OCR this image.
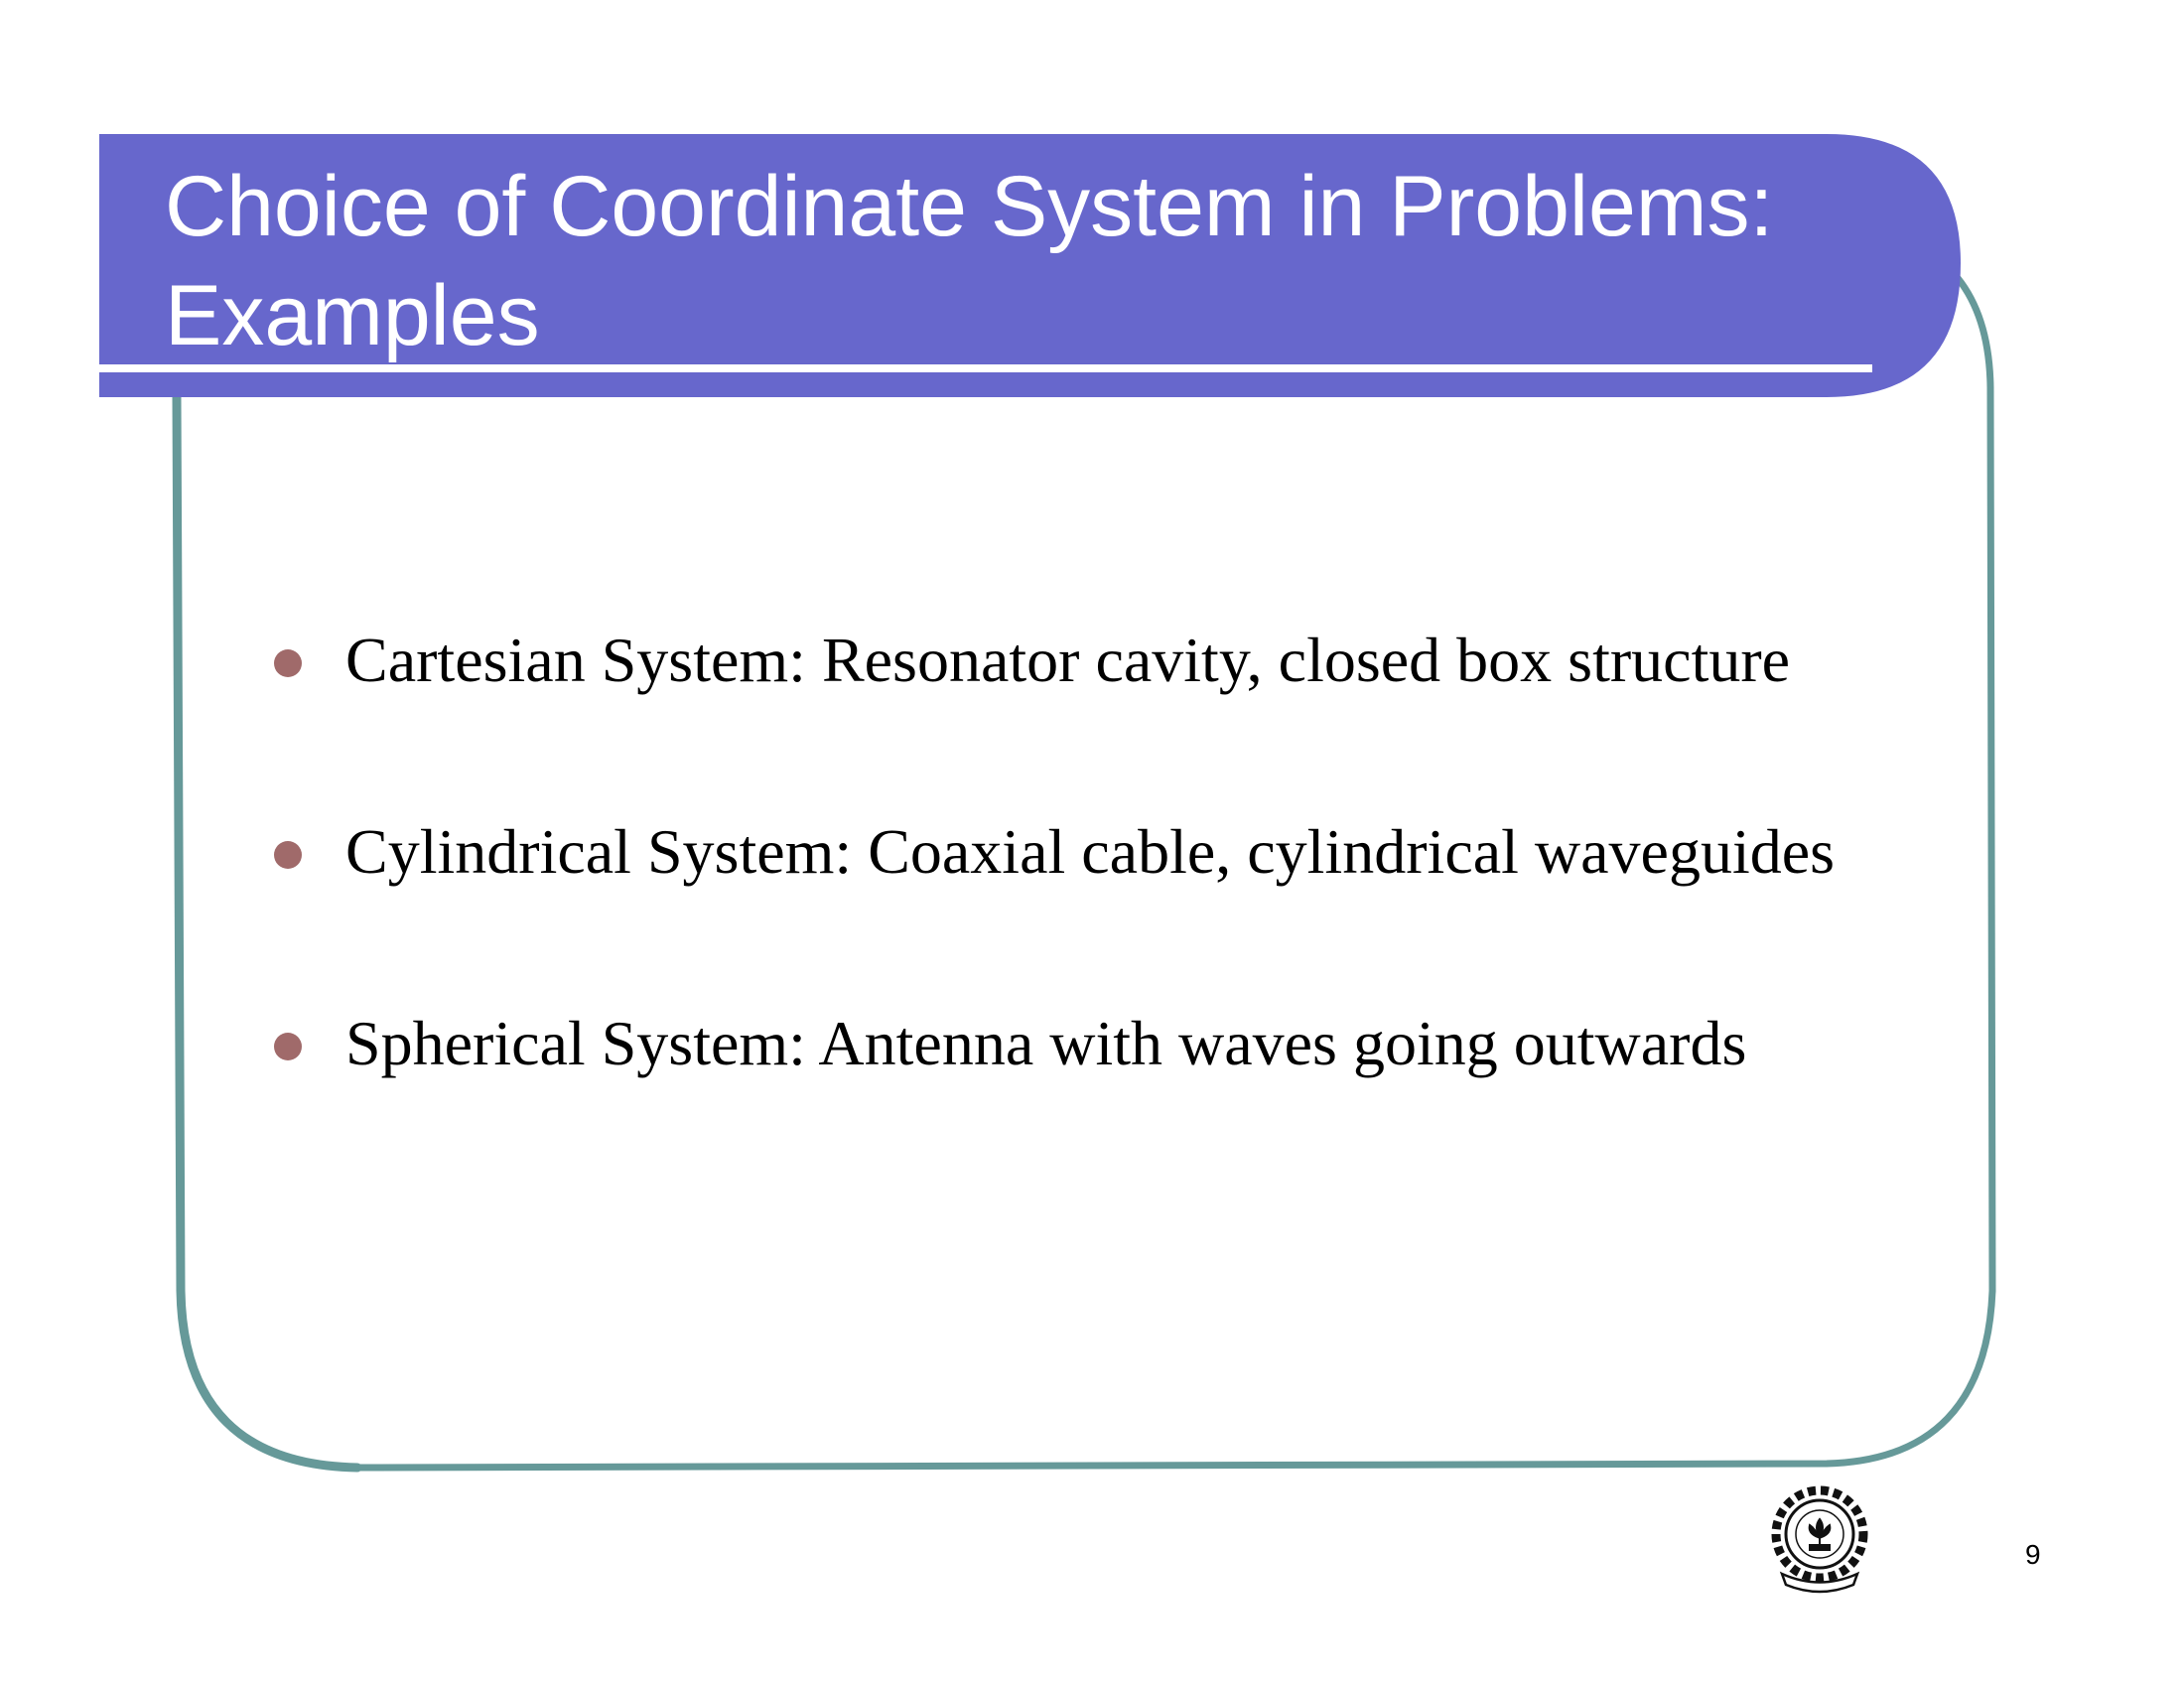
Choice of Coordinate System in Problems:
Examples
Cartesian System: Resonator cavity, closed box structure
Cylindrical System: Coaxial cable, cylindrical waveguides
Spherical System: Antenna with waves going outwards
9
